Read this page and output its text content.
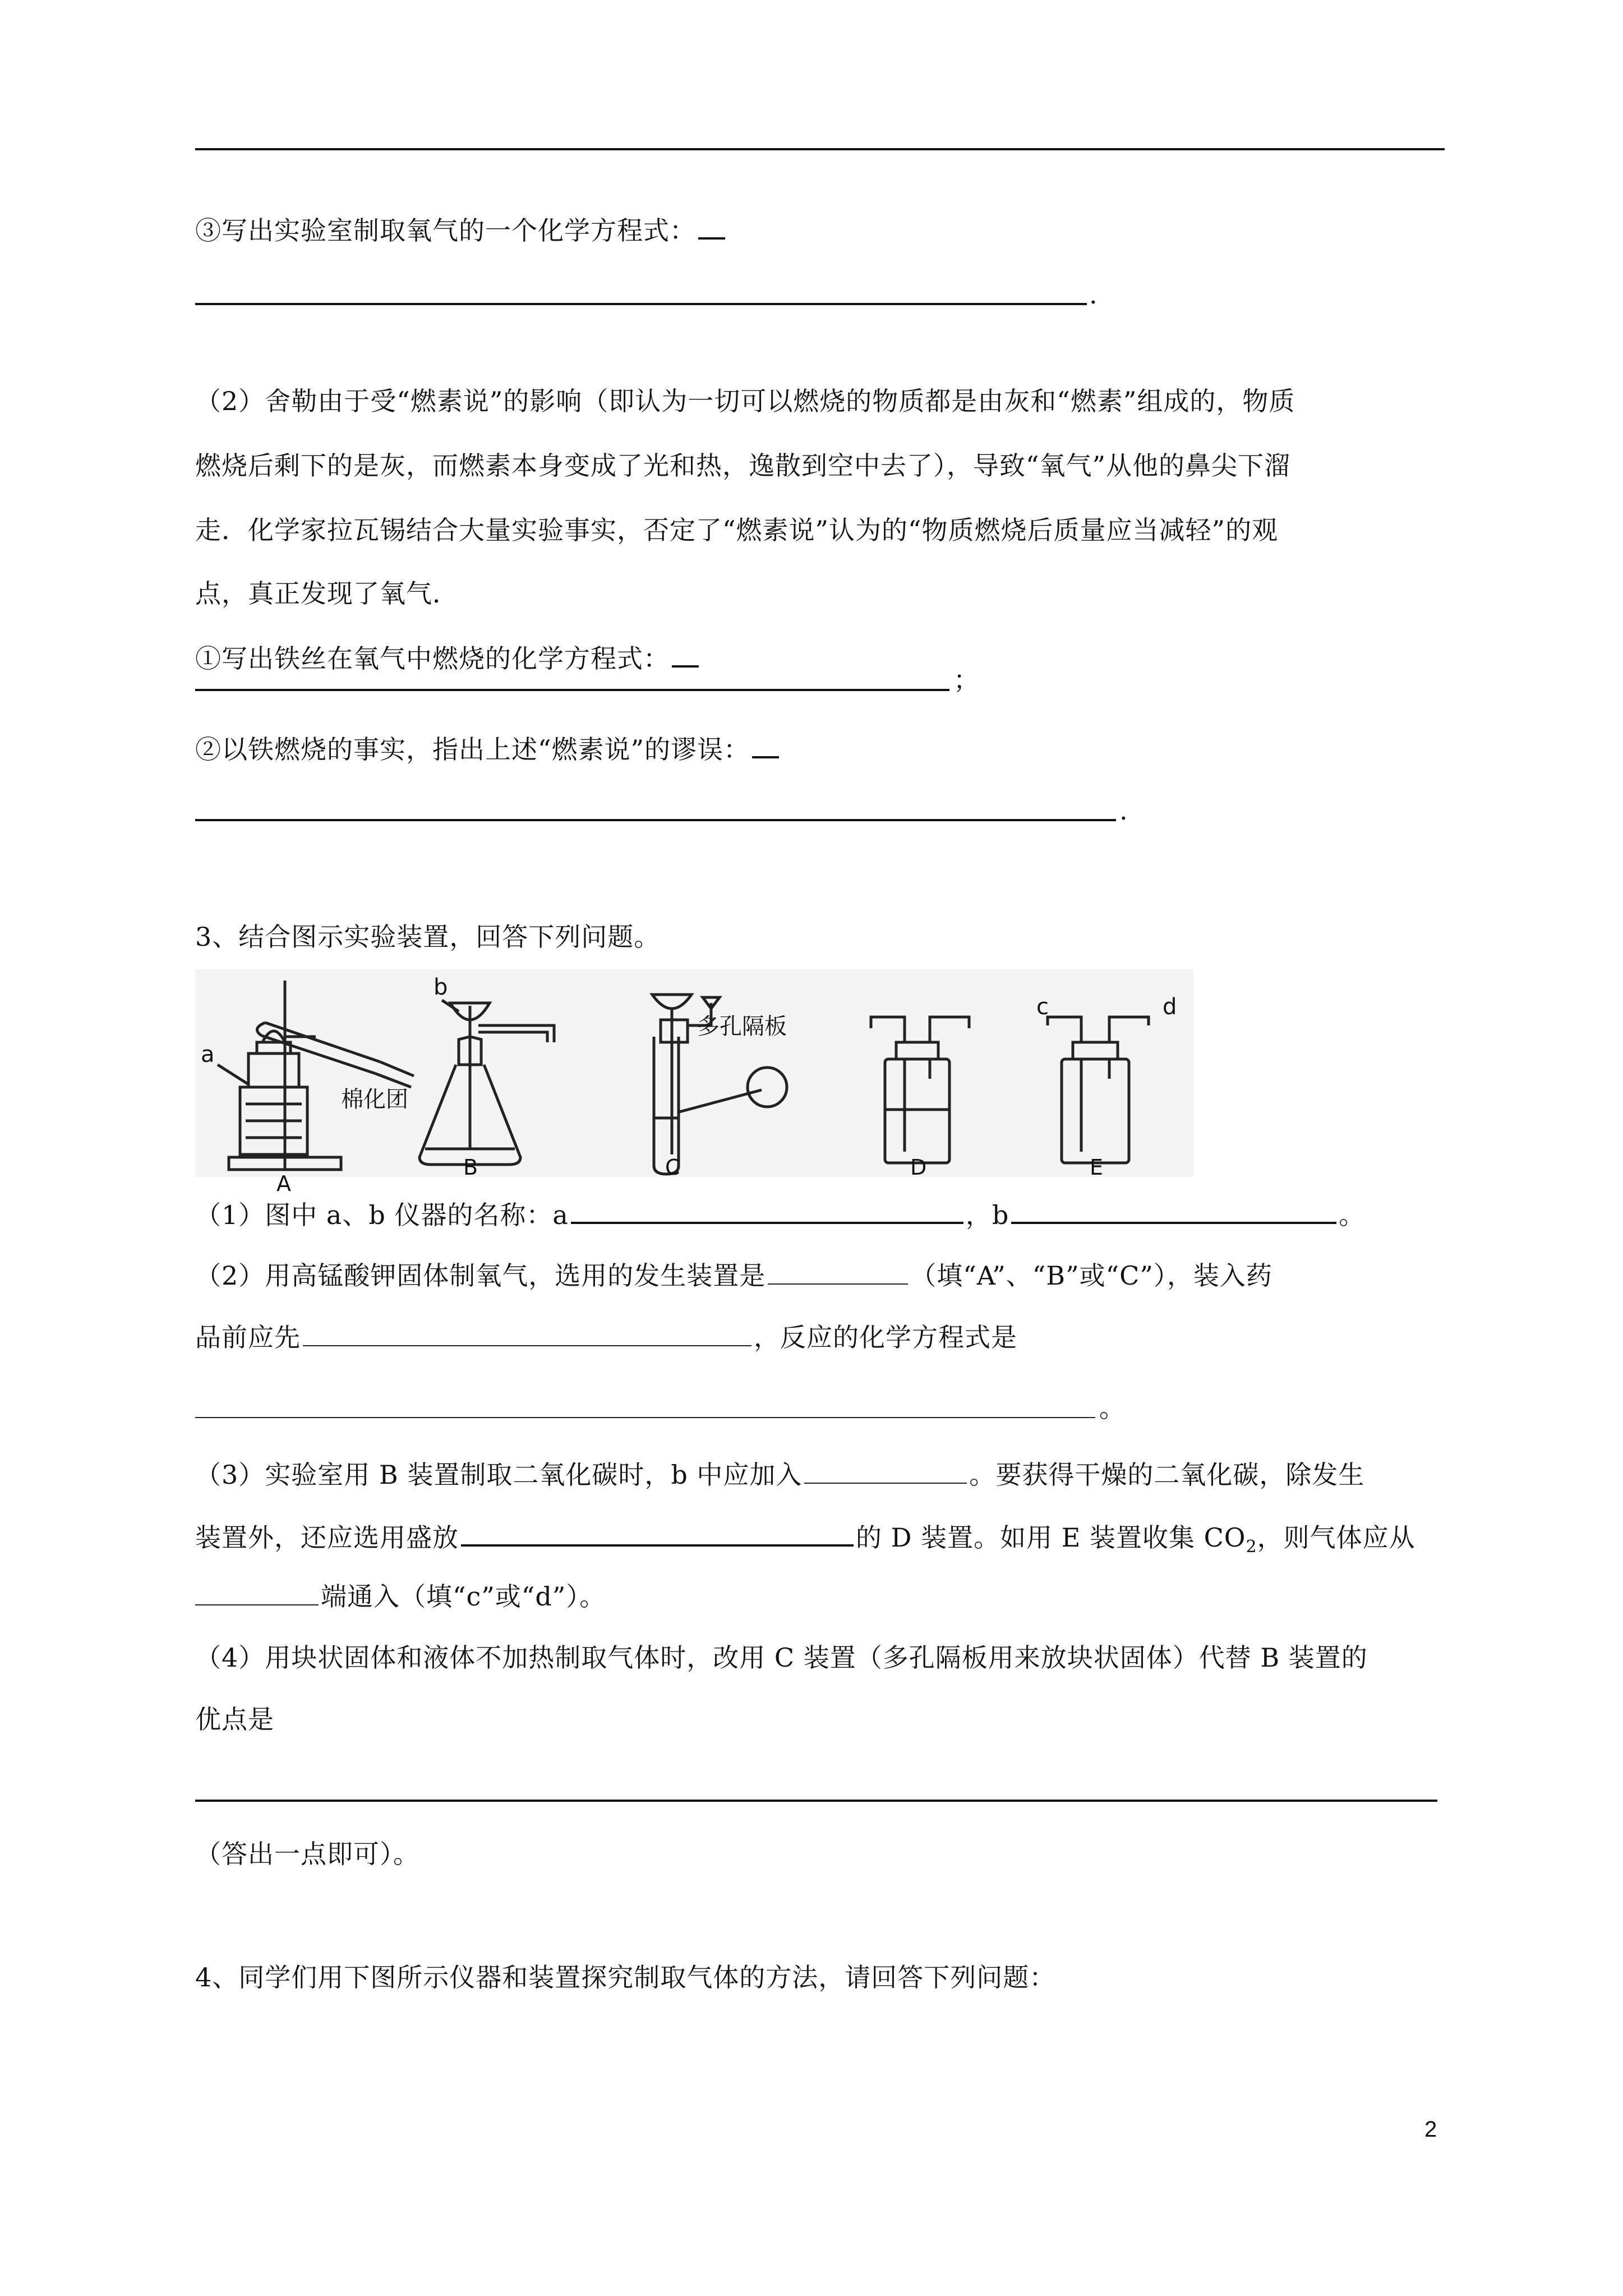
③写出实验室制取氧气的一个化学方程式：
.
（2）舍勒由于受“燃素说”的影响（即认为一切可以燃烧的物质都是由灰和“燃素”组成的，物质
燃烧后剩下的是灰，而燃素本身变成了光和热，逸散到空中去了），导致“氧气”从他的鼻尖下溜
走．化学家拉瓦锡结合大量实验事实，否定了“燃素说”认为的“物质燃烧后质量应当减轻”的观
点，真正发现了氧气．
①写出铁丝在氧气中燃烧的化学方程式：
；
②以铁燃烧的事实，指出上述“燃素说”的谬误：
.
3、结合图示实验装置，回答下列问题。
a
b
c	d
棉化团
多孔隔板
A
B	C	D	E
（1）图中 a、b 仪器的名称：a	，b	。
（2）用高锰酸钾固体制氧气，选用的发生装置是	（填“A”、“B”或“C”），装入药
品前应先	，反应的化学方程式是
。
（3）实验室用 B 装置制取二氧化碳时，b 中应加入	。要获得干燥的二氧化碳，除发生
装置外，还应选用盛放	的 D 装置。如用 E 装置收集 $CO_2$，则气体应从
端通入（填“c”或“d”）。
（4）用块状固体和液体不加热制取气体时，改用 C 装置（多孔隔板用来放块状固体）代替 B 装置的
优点是
（答出一点即可）。
4、同学们用下图所示仪器和装置探究制取气体的方法，请回答下列问题：
2
